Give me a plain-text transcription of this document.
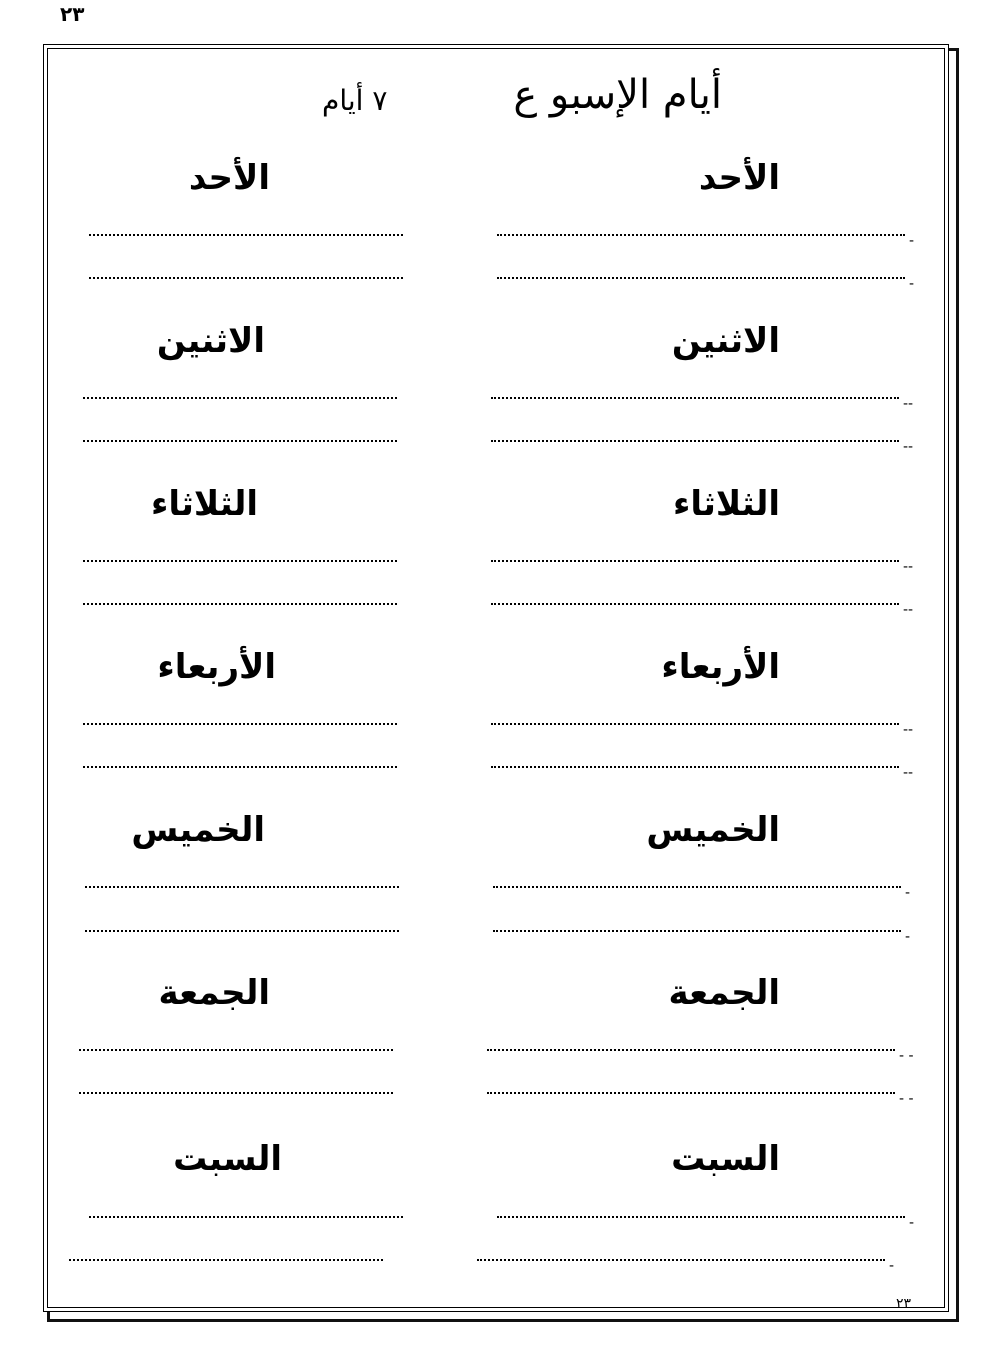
٢٣
أيام الإسبو ع
٧ أيام
الأحد
الأحد
-
-
الاثنين
الاثنين
--
--
الثلاثاء
الثلاثاء
--
--
الأربعاء
الأربعاء
--
--
الخميس
الخميس
-
-
الجمعة
الجمعة
- -
- -
السبت
السبت
-
-
٢٣
